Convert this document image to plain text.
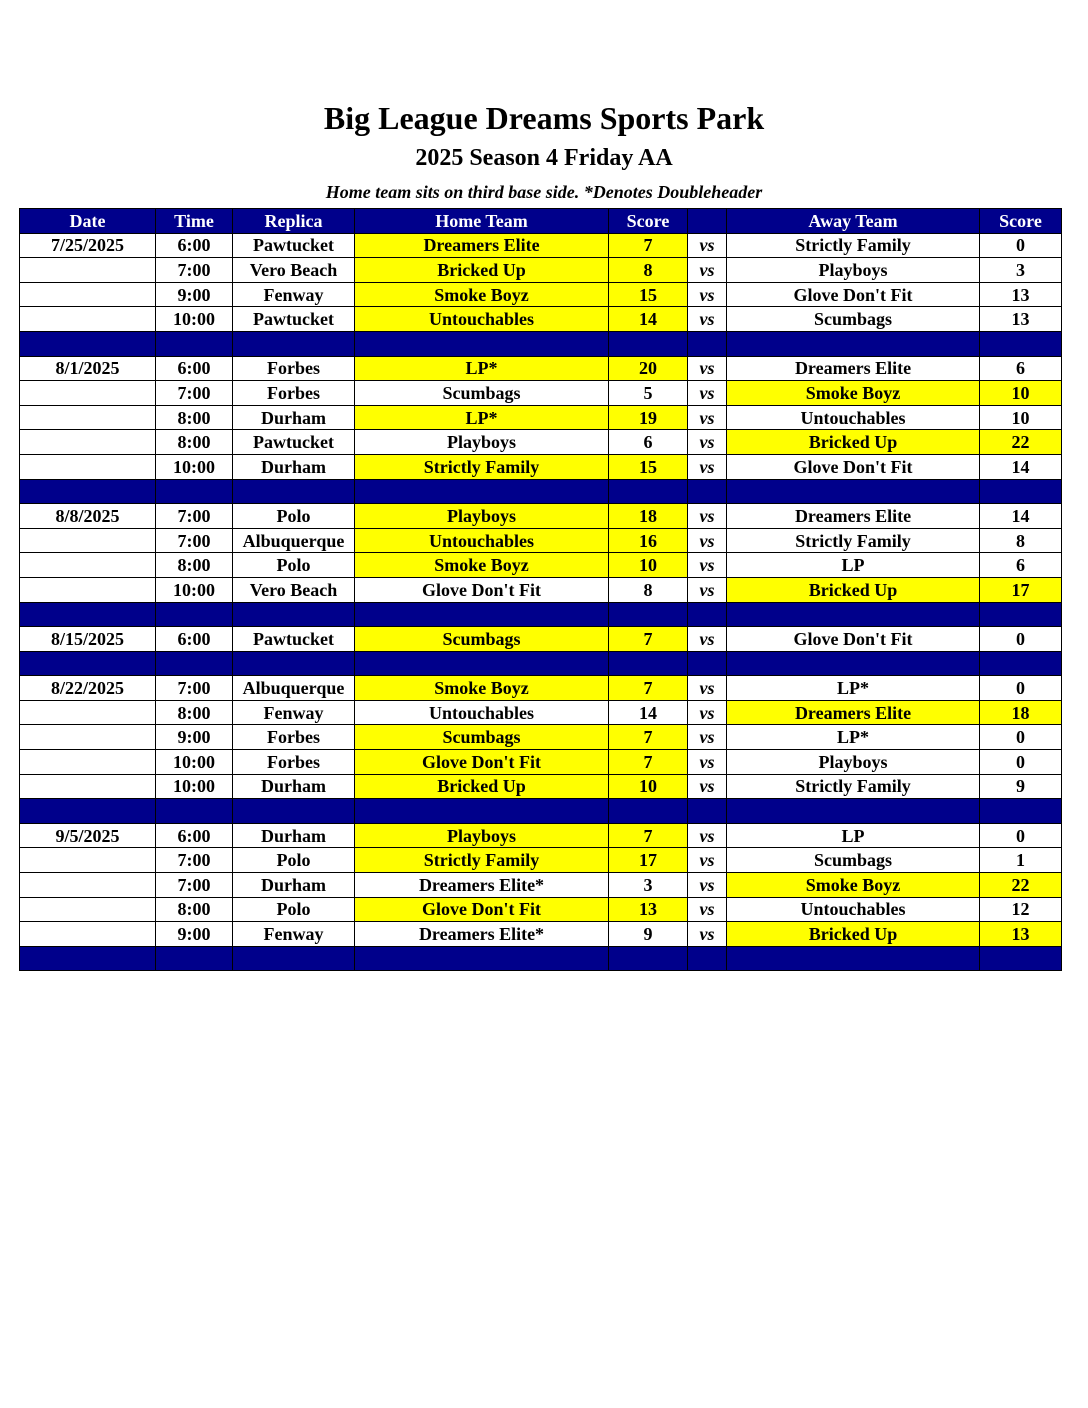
Big League Dreams Sports Park
2025 Season 4 Friday AA
Home team sits on third base side. *Denotes Doubleheader
Date	Time	Replica	Home Team	Score		Away Team	Score
7/25/2025	6:00	Pawtucket	Dreamers Elite	7	vs	Strictly Family	0
	7:00	Vero Beach	Bricked Up	8	vs	Playboys	3
	9:00	Fenway	Smoke Boyz	15	vs	Glove Don't Fit	13
	10:00	Pawtucket	Untouchables	14	vs	Scumbags	13

8/1/2025	6:00	Forbes	LP*	20	vs	Dreamers Elite	6
	7:00	Forbes	Scumbags	5	vs	Smoke Boyz	10
	8:00	Durham	LP*	19	vs	Untouchables	10
	8:00	Pawtucket	Playboys	6	vs	Bricked Up	22
	10:00	Durham	Strictly Family	15	vs	Glove Don't Fit	14

8/8/2025	7:00	Polo	Playboys	18	vs	Dreamers Elite	14
	7:00	Albuquerque	Untouchables	16	vs	Strictly Family	8
	8:00	Polo	Smoke Boyz	10	vs	LP	6
	10:00	Vero Beach	Glove Don't Fit	8	vs	Bricked Up	17

8/15/2025	6:00	Pawtucket	Scumbags	7	vs	Glove Don't Fit	0

8/22/2025	7:00	Albuquerque	Smoke Boyz	7	vs	LP*	0
	8:00	Fenway	Untouchables	14	vs	Dreamers Elite	18
	9:00	Forbes	Scumbags	7	vs	LP*	0
	10:00	Forbes	Glove Don't Fit	7	vs	Playboys	0
	10:00	Durham	Bricked Up	10	vs	Strictly Family	9

9/5/2025	6:00	Durham	Playboys	7	vs	LP	0
	7:00	Polo	Strictly Family	17	vs	Scumbags	1
	7:00	Durham	Dreamers Elite*	3	vs	Smoke Boyz	22
	8:00	Polo	Glove Don't Fit	13	vs	Untouchables	12
	9:00	Fenway	Dreamers Elite*	9	vs	Bricked Up	13
